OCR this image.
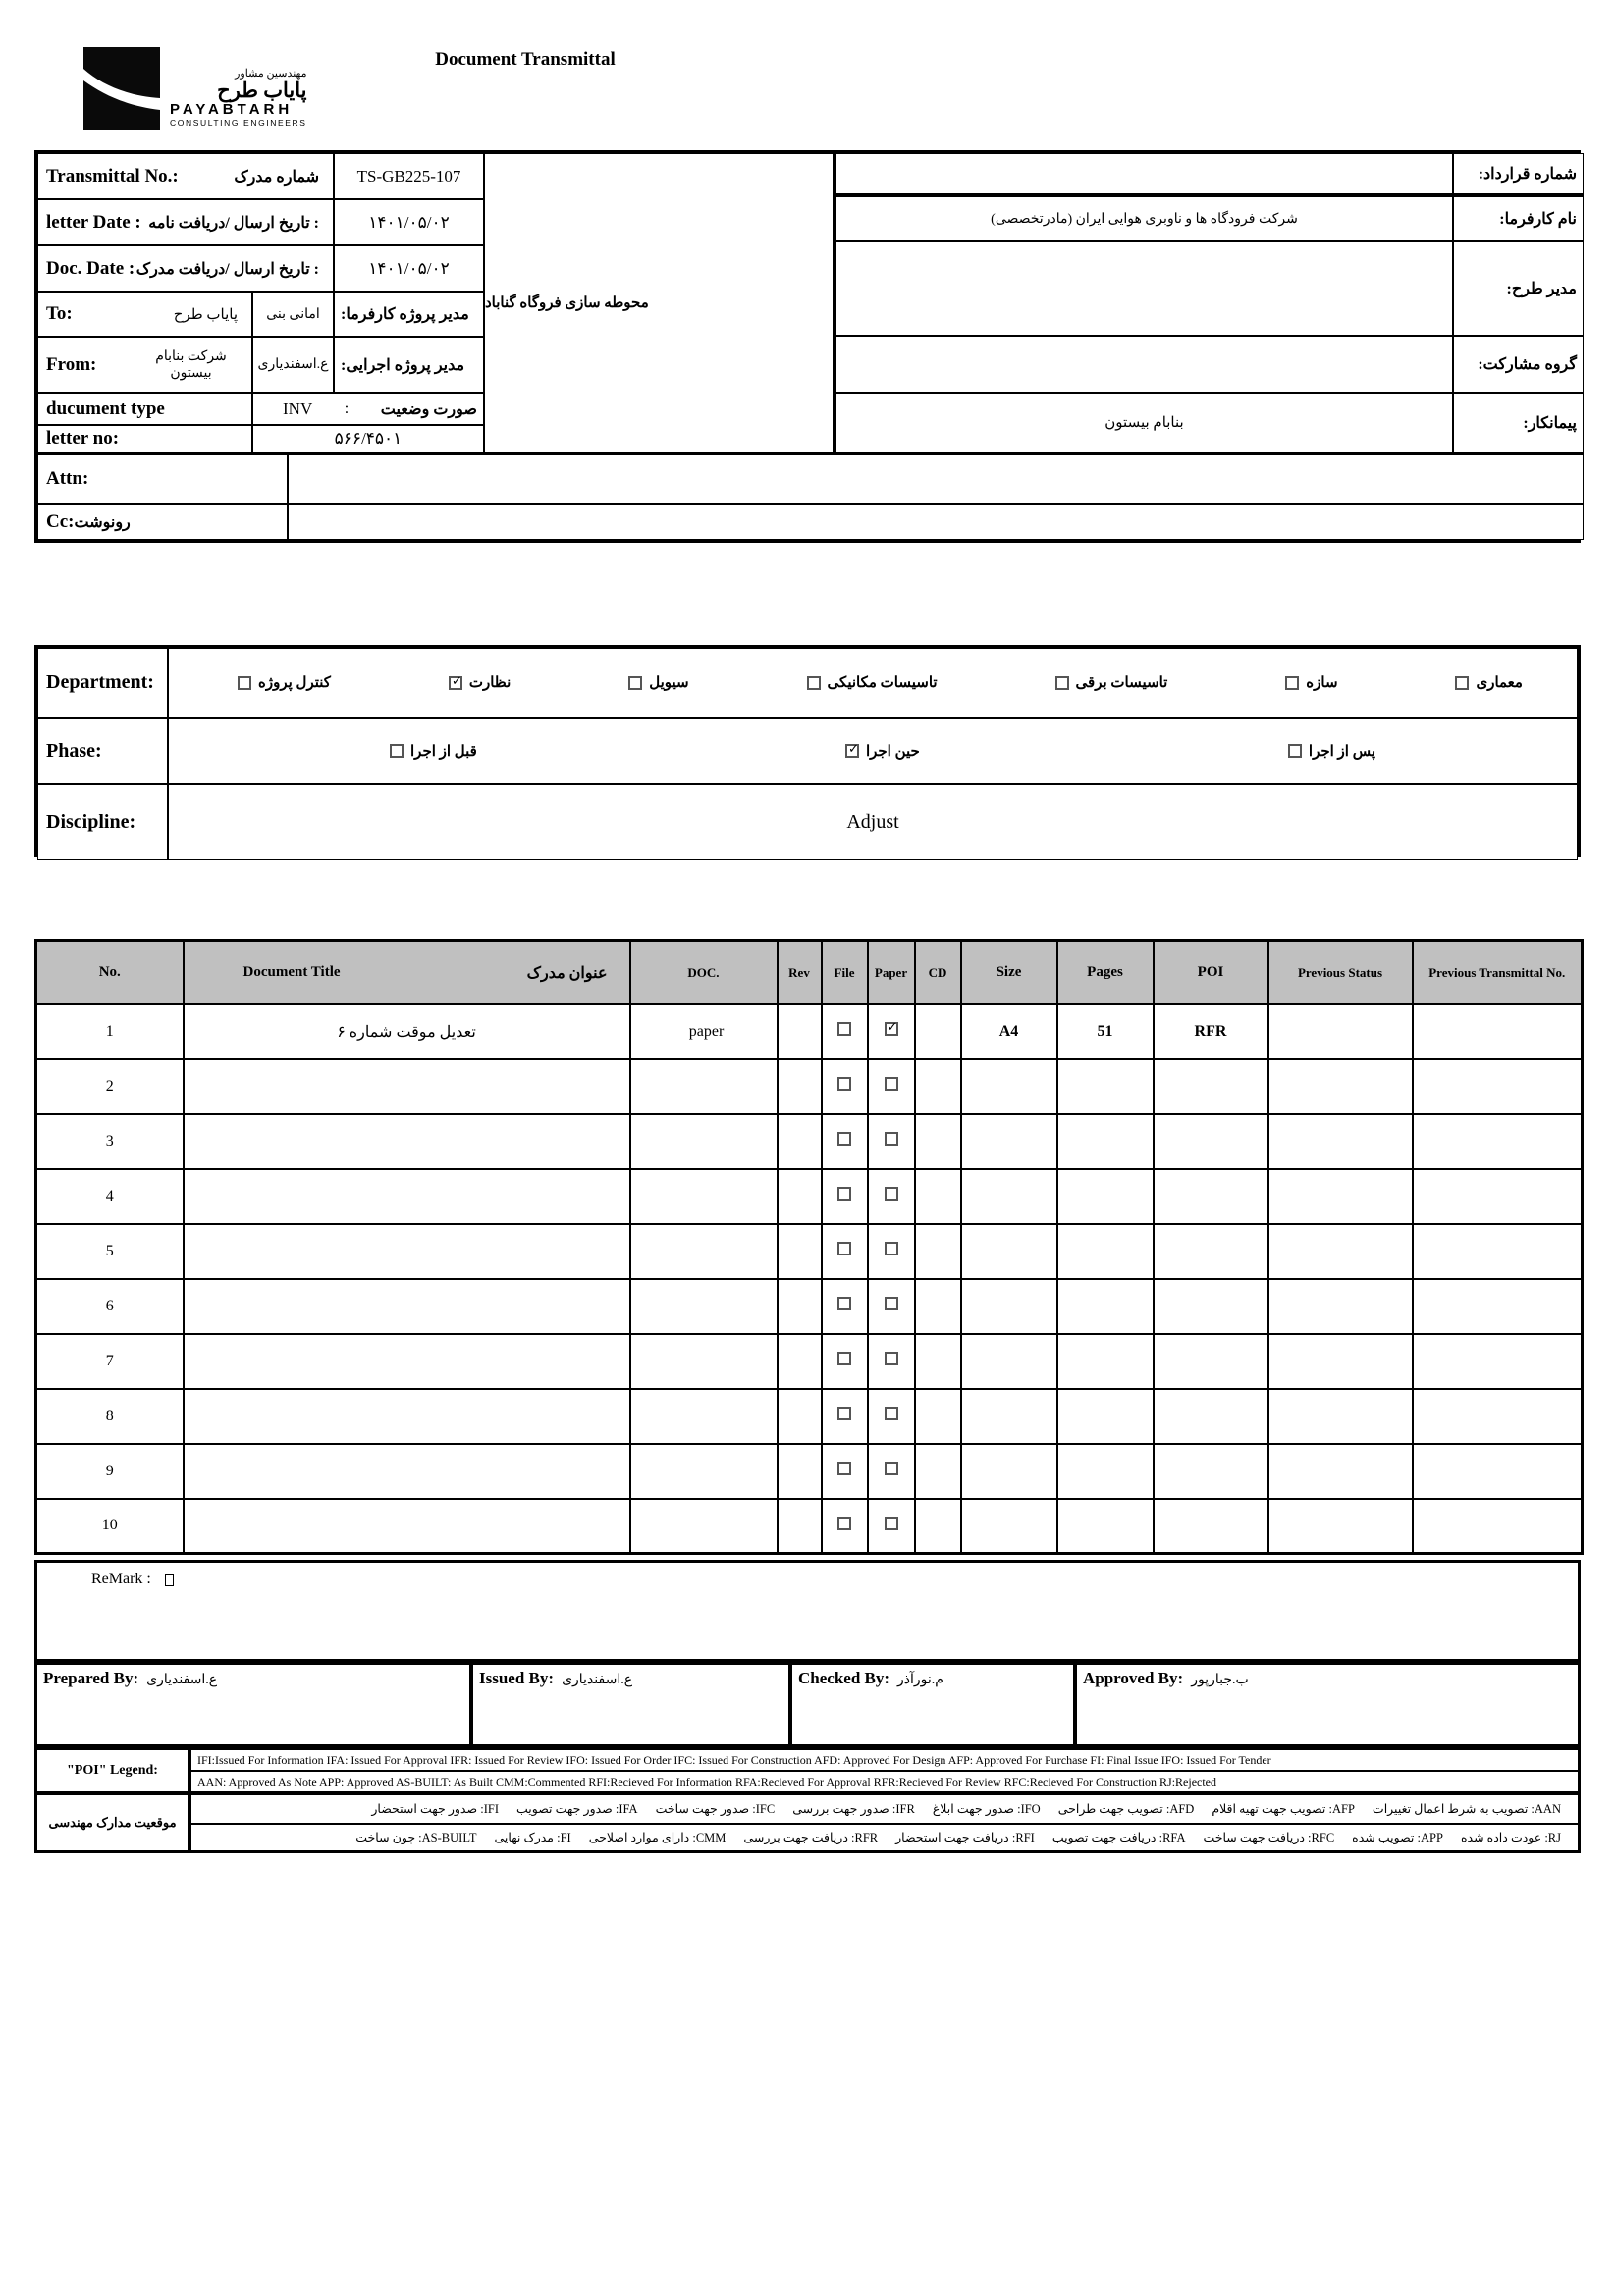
مهندسین مشاور
پایاب طرح
PAYABTARH
CONSULTING ENGINEERS
Document Transmittal
Transmittal No.:	شماره مدرک	TS-GB225-107
letter Date : تاریخ ارسال /دریافت نامه :	۱۴۰۱/۰۵/۰۲
Doc. Date : تاریخ ارسال /دریافت مدرک :	۱۴۰۱/۰۵/۰۲
To:	پایاب طرح	امانی بنی	مدیر پروژه کارفرما:
From:	شرکت بنابام بیستون
ع.اسفندیاری مدیر پروژه اجرایی:
ducument type	INV : صورت وضعیت
letter no:	۵۶۶/۴۵۰۱
محوطه سازی فروگاه گناباد
شماره قرارداد:
شرکت فرودگاه ها و ناوبری هوایی ایران (مادرتخصصی)	نام کارفرما:
مدیر طرح:
گروه مشارکت:
بنابام بیستون	پیمانکار:
Attn:
Cc: رونوشت
Department:	کنترل پروژه ✓	نظارت	سیویل	تاسیسات مکانیکی	تاسیسات برقی	سازه	معماری
Phase:	قبل از اجرا ✓	حین اجرا	پس از اجرا
Discipline:	Adjust
No.	Document Title عنوان مدرک	DOC.	Rev	File	Paper	CD	Size	Pages	POI	Previous Status	Previous Transmittal No.
1	تعدیل موقت شماره ۶	paper			✓		A4	51	RFR		
2											
3											
4											
5											
6											
7											
8											
9											
10											
ReMark :
Prepared By: ع.اسفندیاری	Issued By: ع.اسفندیاری	Checked By: م.نورآذر	Approved By: ب.جبارپور
"POI" Legend:
IFI:Issued For Information IFA: Issued For Approval IFR: Issued For Review IFO: Issued For Order IFC: Issued For Construction AFD: Approved For Design AFP: Approved For Purchase FI: Final Issue IFO: Issued For Tender
AAN: Approved As Note APP: Approved AS-BUILT: As Built CMM:Commented RFI:Recieved For Information RFA:Recieved For Approval RFR:Recieved For Review RFC:Recieved For Construction RJ:Rejected
موقعیت مدارک مهندسی
AAN: تصویب به شرط اعمال تغییرات
AFP: تصویب جهت تهیه اقلام
AFD: تصویب جهت طراحی
IFO: صدور جهت ابلاغ
IFR: صدور جهت بررسی
IFC: صدور جهت ساخت
IFA: صدور جهت تصویب
IFI: صدور جهت استحضار
RJ: عودت داده شده
APP: تصویب شده
RFC: دریافت جهت ساخت
RFA: دریافت جهت تصویب
RFI: دریافت جهت استحضار
RFR: دریافت جهت بررسی
CMM: دارای موارد اصلاحی
FI: مدرک نهایی
AS-BUILT: چون ساخت
